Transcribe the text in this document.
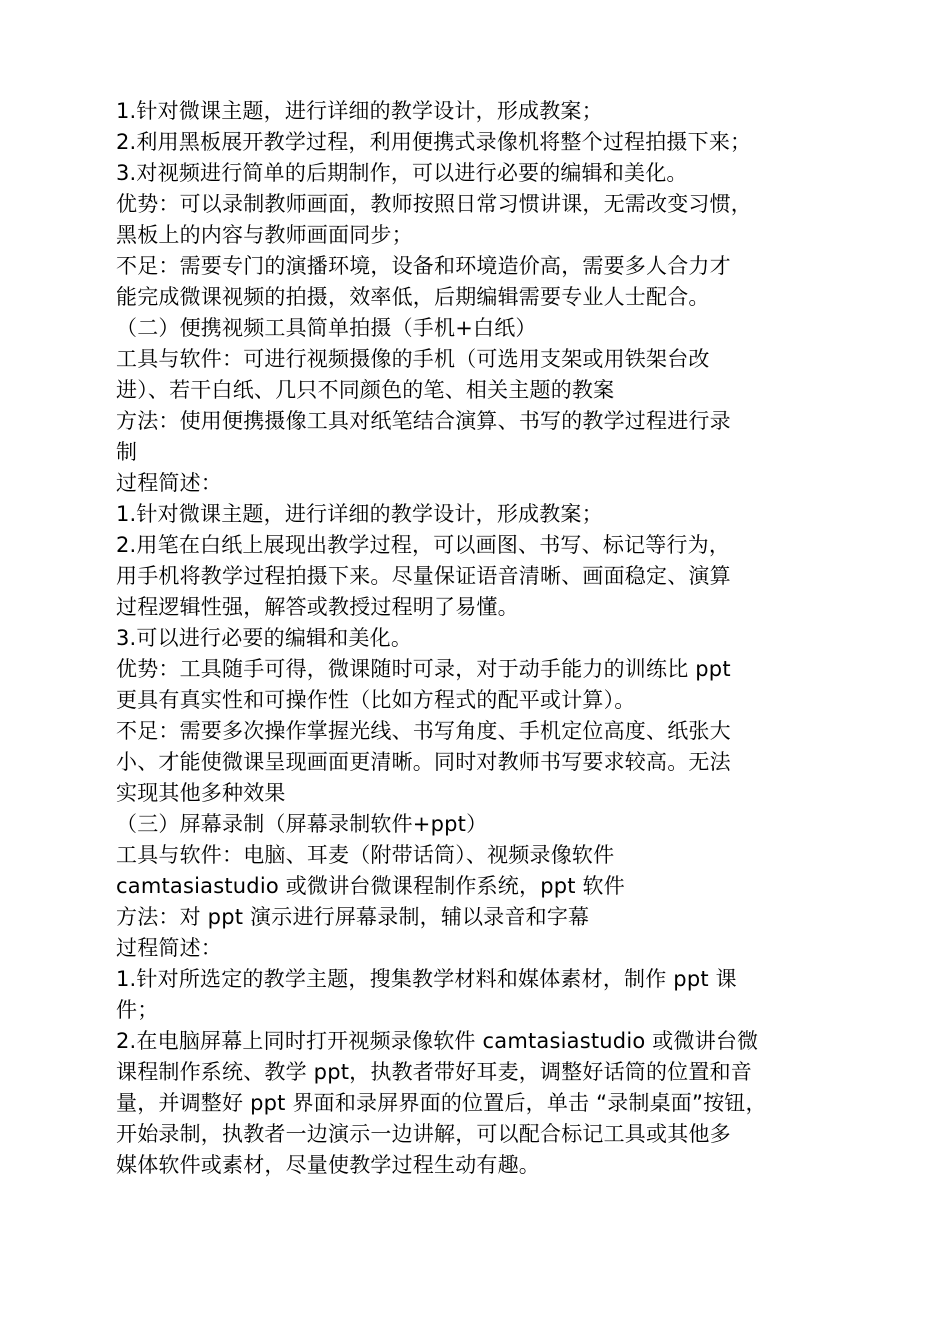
1.针对微课主题，进行详细的教学设计，形成教案；
2.利用黑板展开教学过程，利用便携式录像机将整个过程拍摄下来；
3.对视频进行简单的后期制作，可以进行必要的编辑和美化。
优势：可以录制教师画面，教师按照日常习惯讲课，无需改变习惯，
黑板上的内容与教师画面同步；
不足：需要专门的演播环境，设备和环境造价高，需要多人合力才
能完成微课视频的拍摄，效率低，后期编辑需要专业人士配合。
（二）便携视频工具简单拍摄（手机+白纸）
工具与软件：可进行视频摄像的手机（可选用支架或用铁架台改
进）、若干白纸、几只不同颜色的笔、相关主题的教案
方法：使用便携摄像工具对纸笔结合演算、书写的教学过程进行录
制
过程简述：
1.针对微课主题，进行详细的教学设计，形成教案；
2.用笔在白纸上展现出教学过程，可以画图、书写、标记等行为，
用手机将教学过程拍摄下来。尽量保证语音清晰、画面稳定、演算
过程逻辑性强，解答或教授过程明了易懂。
3.可以进行必要的编辑和美化。
优势：工具随手可得，微课随时可录，对于动手能力的训练比 ppt
更具有真实性和可操作性（比如方程式的配平或计算）。
不足：需要多次操作掌握光线、书写角度、手机定位高度、纸张大
小、才能使微课呈现画面更清晰。同时对教师书写要求较高。无法
实现其他多种效果
（三）屏幕录制（屏幕录制软件+ppt）
工具与软件：电脑、耳麦（附带话筒）、视频录像软件
camtasiastudio 或微讲台微课程制作系统，ppt 软件
方法：对 ppt 演示进行屏幕录制，辅以录音和字幕
过程简述：
1.针对所选定的教学主题，搜集教学材料和媒体素材，制作 ppt 课
件；
2.在电脑屏幕上同时打开视频录像软件 camtasiastudio 或微讲台微
课程制作系统、教学 ppt，执教者带好耳麦，调整好话筒的位置和音
量，并调整好 ppt 界面和录屏界面的位置后，单击 “录制桌面”按钮，
开始录制，执教者一边演示一边讲解，可以配合标记工具或其他多
媒体软件或素材，尽量使教学过程生动有趣。
